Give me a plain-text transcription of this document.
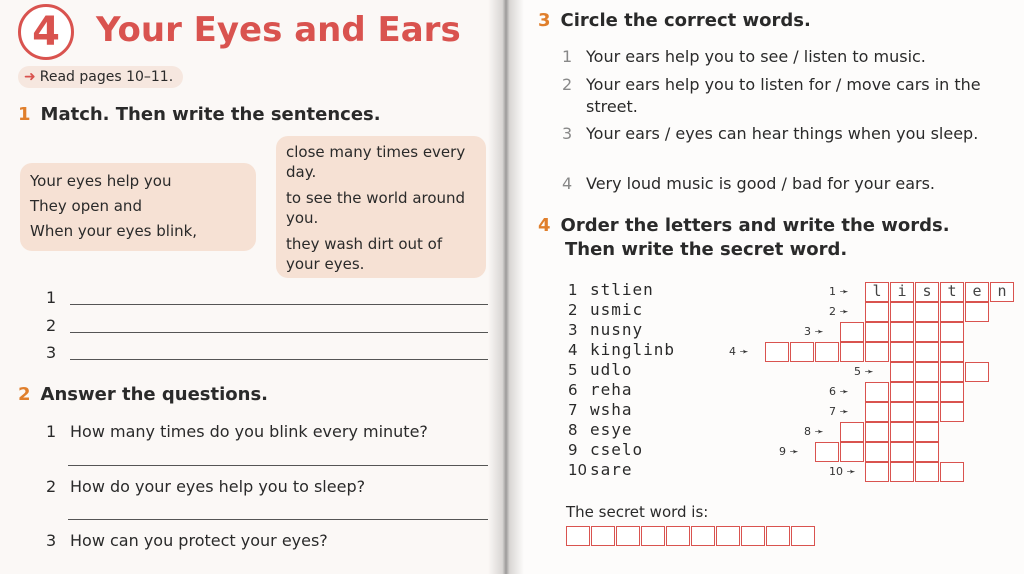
4	Your Eyes and Ears
➜ Read pages 10–11.
1 Match. Then write the sentences.
Your eyes help you
They open and
When your eyes blink,
close many times every day.
to see the world around you.
they wash dirt out of your eyes.
1
2
3
2 Answer the questions.
1 How many times do you blink every minute?
2 How do your eyes help you to sleep?
3 How can you protect your eyes?
3 Circle the correct words.
1 Your ears help you to see / listen to music.
2 Your ears help you to listen for / move cars in the street.
3 Your ears / eyes can hear things when you sleep.
4 Very loud music is good / bad for your ears.
4 Order the letters and write the words.
Then write the secret word.
1 stlien
2 usmic
3 nusny
4 kinglinb
5 udlo
6 reha
7 wsha
8 esye
9 cselo
10 sare
1 ➛	l	i	s	t	e	n
2 ➛
3 ➛
4 ➛
5 ➛
6 ➛
7 ➛
8 ➛
9 ➛
10 ➛
The secret word is:
